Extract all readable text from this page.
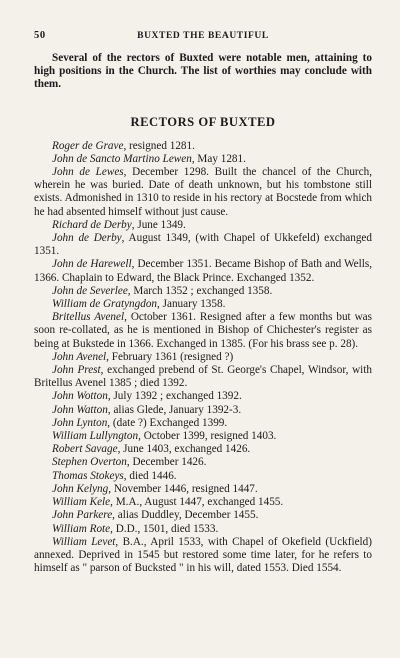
50	BUXTED THE BEAUTIFUL

Several of the rectors of Buxted were notable men, attaining to high positions in the Church. The list of worthies may conclude with them.

RECTORS OF BUXTED

Roger de Grave, resigned 1281.

John de Sancto Martino Lewen, May 1281.

John de Lewes, December 1298. Built the chancel of the Church, wherein he was buried. Date of death unknown, but his tombstone still exists. Admonished in 1310 to reside in his rectory at Bocstede from which he had absented himself without just cause.

Richard de Derby, June 1349.

John de Derby, August 1349, (with Chapel of Ukkefeld) exchanged 1351.

John de Harewell, December 1351. Became Bishop of Bath and Wells, 1366. Chaplain to Edward, the Black Prince. Exchanged 1352.

John de Severlee, March 1352 ; exchanged 1358.

William de Gratyngdon, January 1358.

Britellus Avenel, October 1361. Resigned after a few months but was soon re-collated, as he is mentioned in Bishop of Chichester's register as being at Bukstede in 1366. Exchanged in 1385. (For his brass see p. 28).

John Avenel, February 1361 (resigned ?)

John Prest, exchanged prebend of St. George's Chapel, Windsor, with Britellus Avenel 1385 ; died 1392.

John Wotton, July 1392 ; exchanged 1392.

John Watton, alias Glede, January 1392-3.

John Lynton, (date ?) Exchanged 1399.

William Lullyngton, October 1399, resigned 1403.

Robert Savage, June 1403, exchanged 1426.

Stephen Overton, December 1426.

Thomas Stokeys, died 1446.

John Kelyng, November 1446, resigned 1447.

William Kele, M.A., August 1447, exchanged 1455.

John Parkere, alias Duddley, December 1455.

William Rote, D.D., 1501, died 1533.

William Levet, B.A., April 1533, with Chapel of Okefield (Uckfield) annexed. Deprived in 1545 but restored some time later, for he refers to himself as " parson of Bucksted " in his will, dated 1553. Died 1554.
